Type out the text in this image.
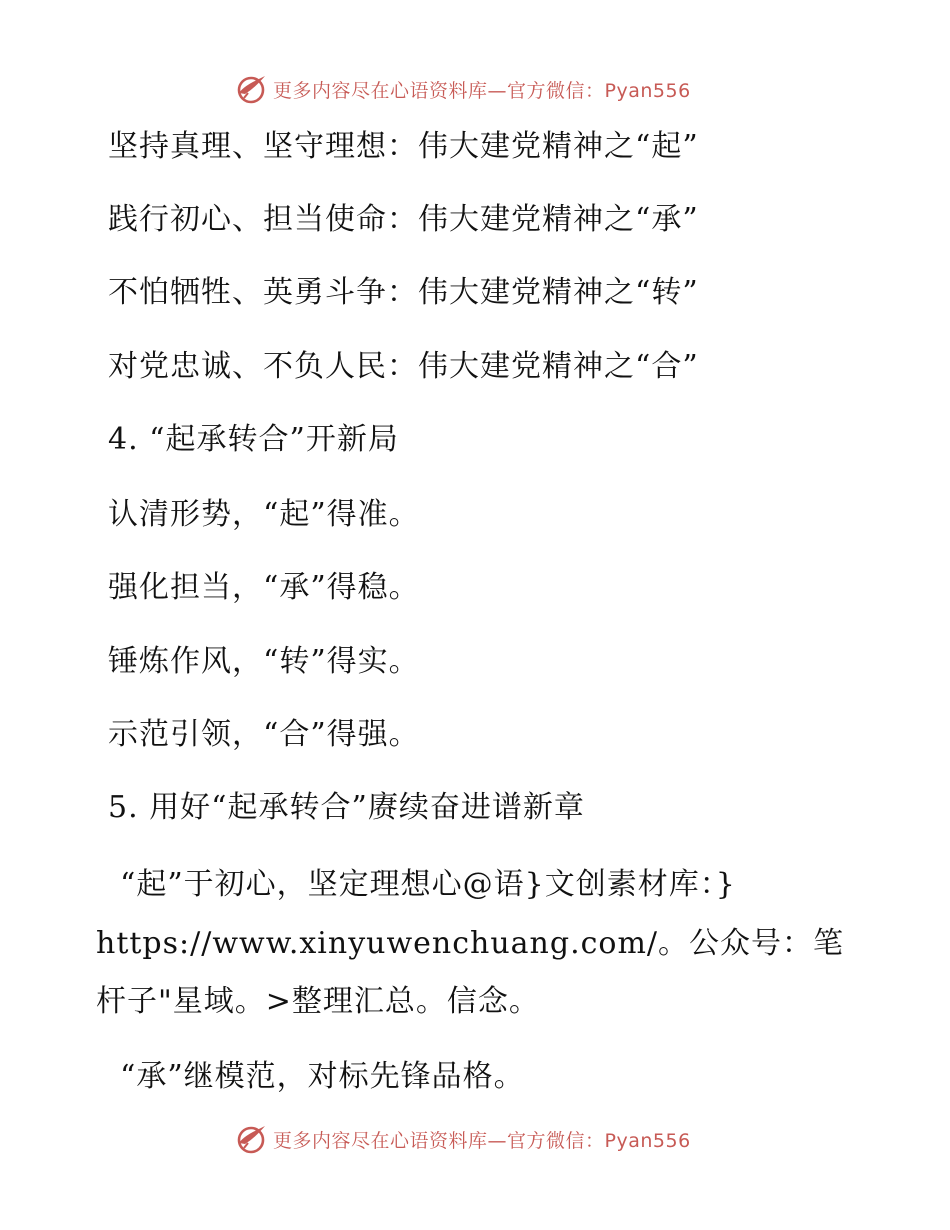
更多内容尽在心语资料库—官方微信：Pyan556
坚持真理、坚守理想：伟大建党精神之“起”
践行初心、担当使命：伟大建党精神之“承”
不怕牺牲、英勇斗争：伟大建党精神之“转”
对党忠诚、不负人民：伟大建党精神之“合”
4. “起承转合”开新局
认清形势，“起”得准。
强化担当，“承”得稳。
锤炼作风，“转”得实。
示范引领，“合”得强。
5. 用好“起承转合”赓续奋进谱新章
“起”于初心，坚定理想心@语}文创素材库：}
https://www.xinyuwenchuang.com/。公众号：笔
杆子"星域。>整理汇总。信念。
“承”继模范，对标先锋品格。
更多内容尽在心语资料库—官方微信：Pyan556
